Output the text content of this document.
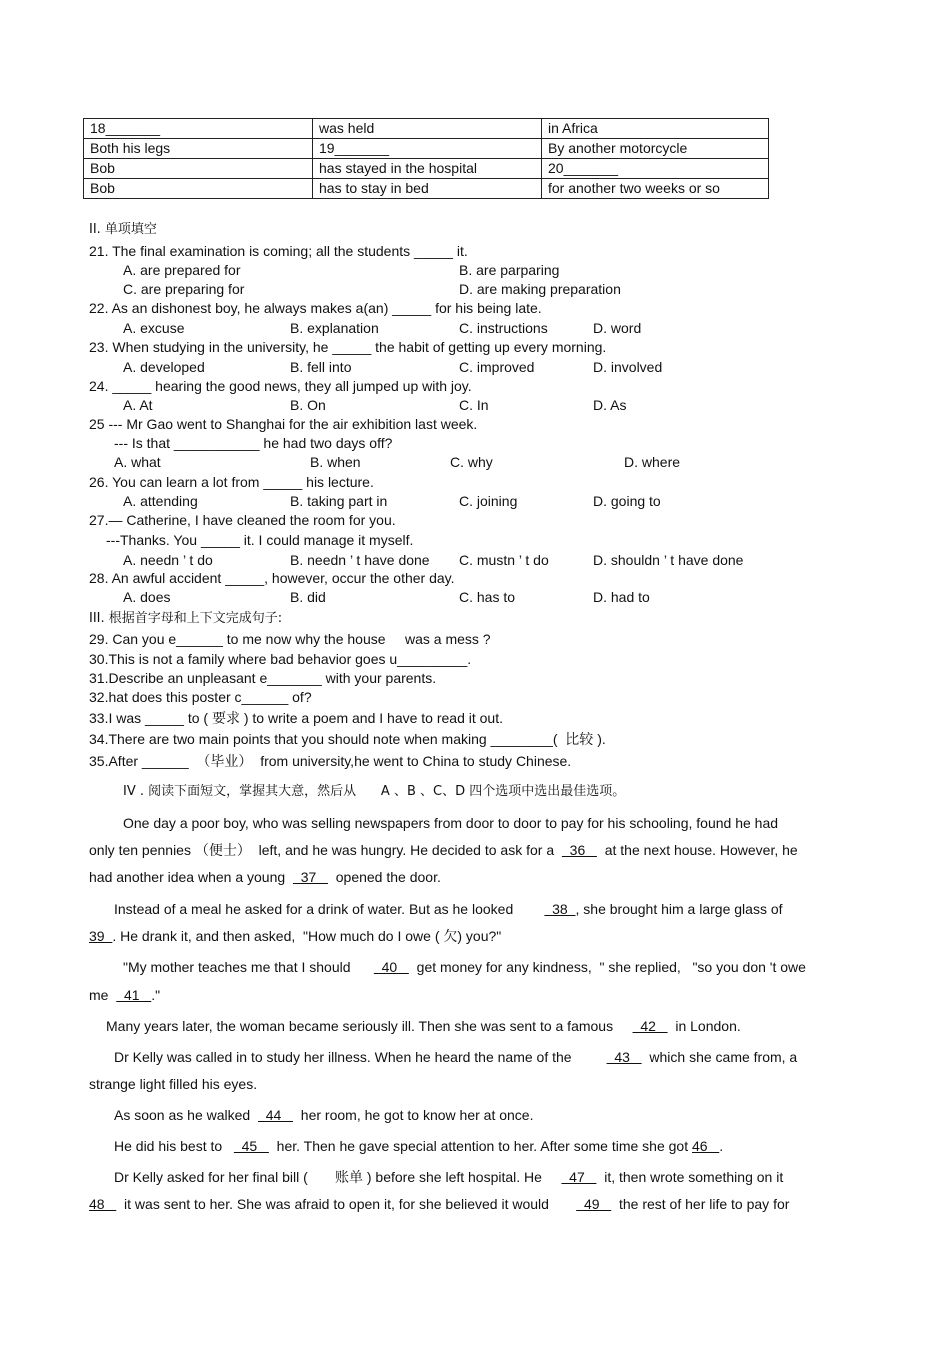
18_______	was held	in Africa
Both his legs	19_______	By another motorcycle
Bob	has stayed in the hospital	20_______
Bob	has to stay in bed	for another two weeks or so
II. 单项填空
21. The final examination is coming; all the students _____ it.
A. are prepared for	B. are parparing
C. are preparing for	D. are making preparation
22. As an dishonest boy, he always makes a(an) _____ for his being late.
A. excuse	B. explanation	C. instructions	D. word
23. When studying in the university, he _____ the habit of getting up every morning.
A. developed	B. fell into	C. improved	D. involved
24. _____ hearing the good news, they all jumped up with joy.
A. At	B. On	C. In	D. As
25 --- Mr Gao went to Shanghai for the air exhibition last week.
--- Is that ___________ he had two days off?
A. what	B. when	C. why	D. where
26. You can learn a lot from _____ his lecture.
A. attending	B. taking part in	C. joining	D. going to
27.— Catherine, I have cleaned the room for you.
---Thanks. You _____ it. I could manage it myself.
A. needn ’ t do	B. needn ’ t have done C. mustn ’ t do	D. shouldn ’ t have done
28. An awful accident _____, however, occur the other day.
A. does	B. did	C. has to	D. had to
III. 根据首字母和上下文完成句子:
29. Can you e______ to me now why the house     was a mess ?
30.This is not a family where bad behavior goes u_________.
31.Describe an unpleasant e_______ with your parents.
32.hat does this poster c______ of?
33.I was _____ to ( 要求 ) to write a poem and I have to read it out.
34.There are two main points that you should note when making ________(  比较 ).
35.After ______  （毕业）  from university,he went to China to study Chinese.
IV . 阅读下面短文，掌握其大意，然后从      A 、B 、C、D 四个选项中选出最佳选项。
One day a poor boy, who was selling newspapers from door to door to pay for his schooling, found he had
only ten pennies （便士）  left, and he was hungry. He decided to ask for a    36     at the next house. However, he
had another idea when a young    37     opened the door.
Instead of a meal he asked for a drink of water. But as he looked          38  , she brought him a large glass of
39  . He drank it, and then asked,  "How much do I owe ( 欠) you?"
"My mother teaches me that I should        40     get money for any kindness,  " she replied,   "so you don 't owe
me    41   ."
Many years later, the woman became seriously ill. Then she was sent to a famous       42     in London.
Dr Kelly was called in to study her illness. When he heard the name of the           43     which she came from, a
strange light filled his eyes.
As soon as he walked    44     her room, he got to know her at once.
He did his best to     45     her. Then he gave special attention to her. After some time she got 46   .
Dr Kelly asked for her final bill (       账单 ) before she left hospital. He       47     it, then wrote something on it
48     it was sent to her. She was afraid to open it, for she believed it would         49     the rest of her life to pay for
